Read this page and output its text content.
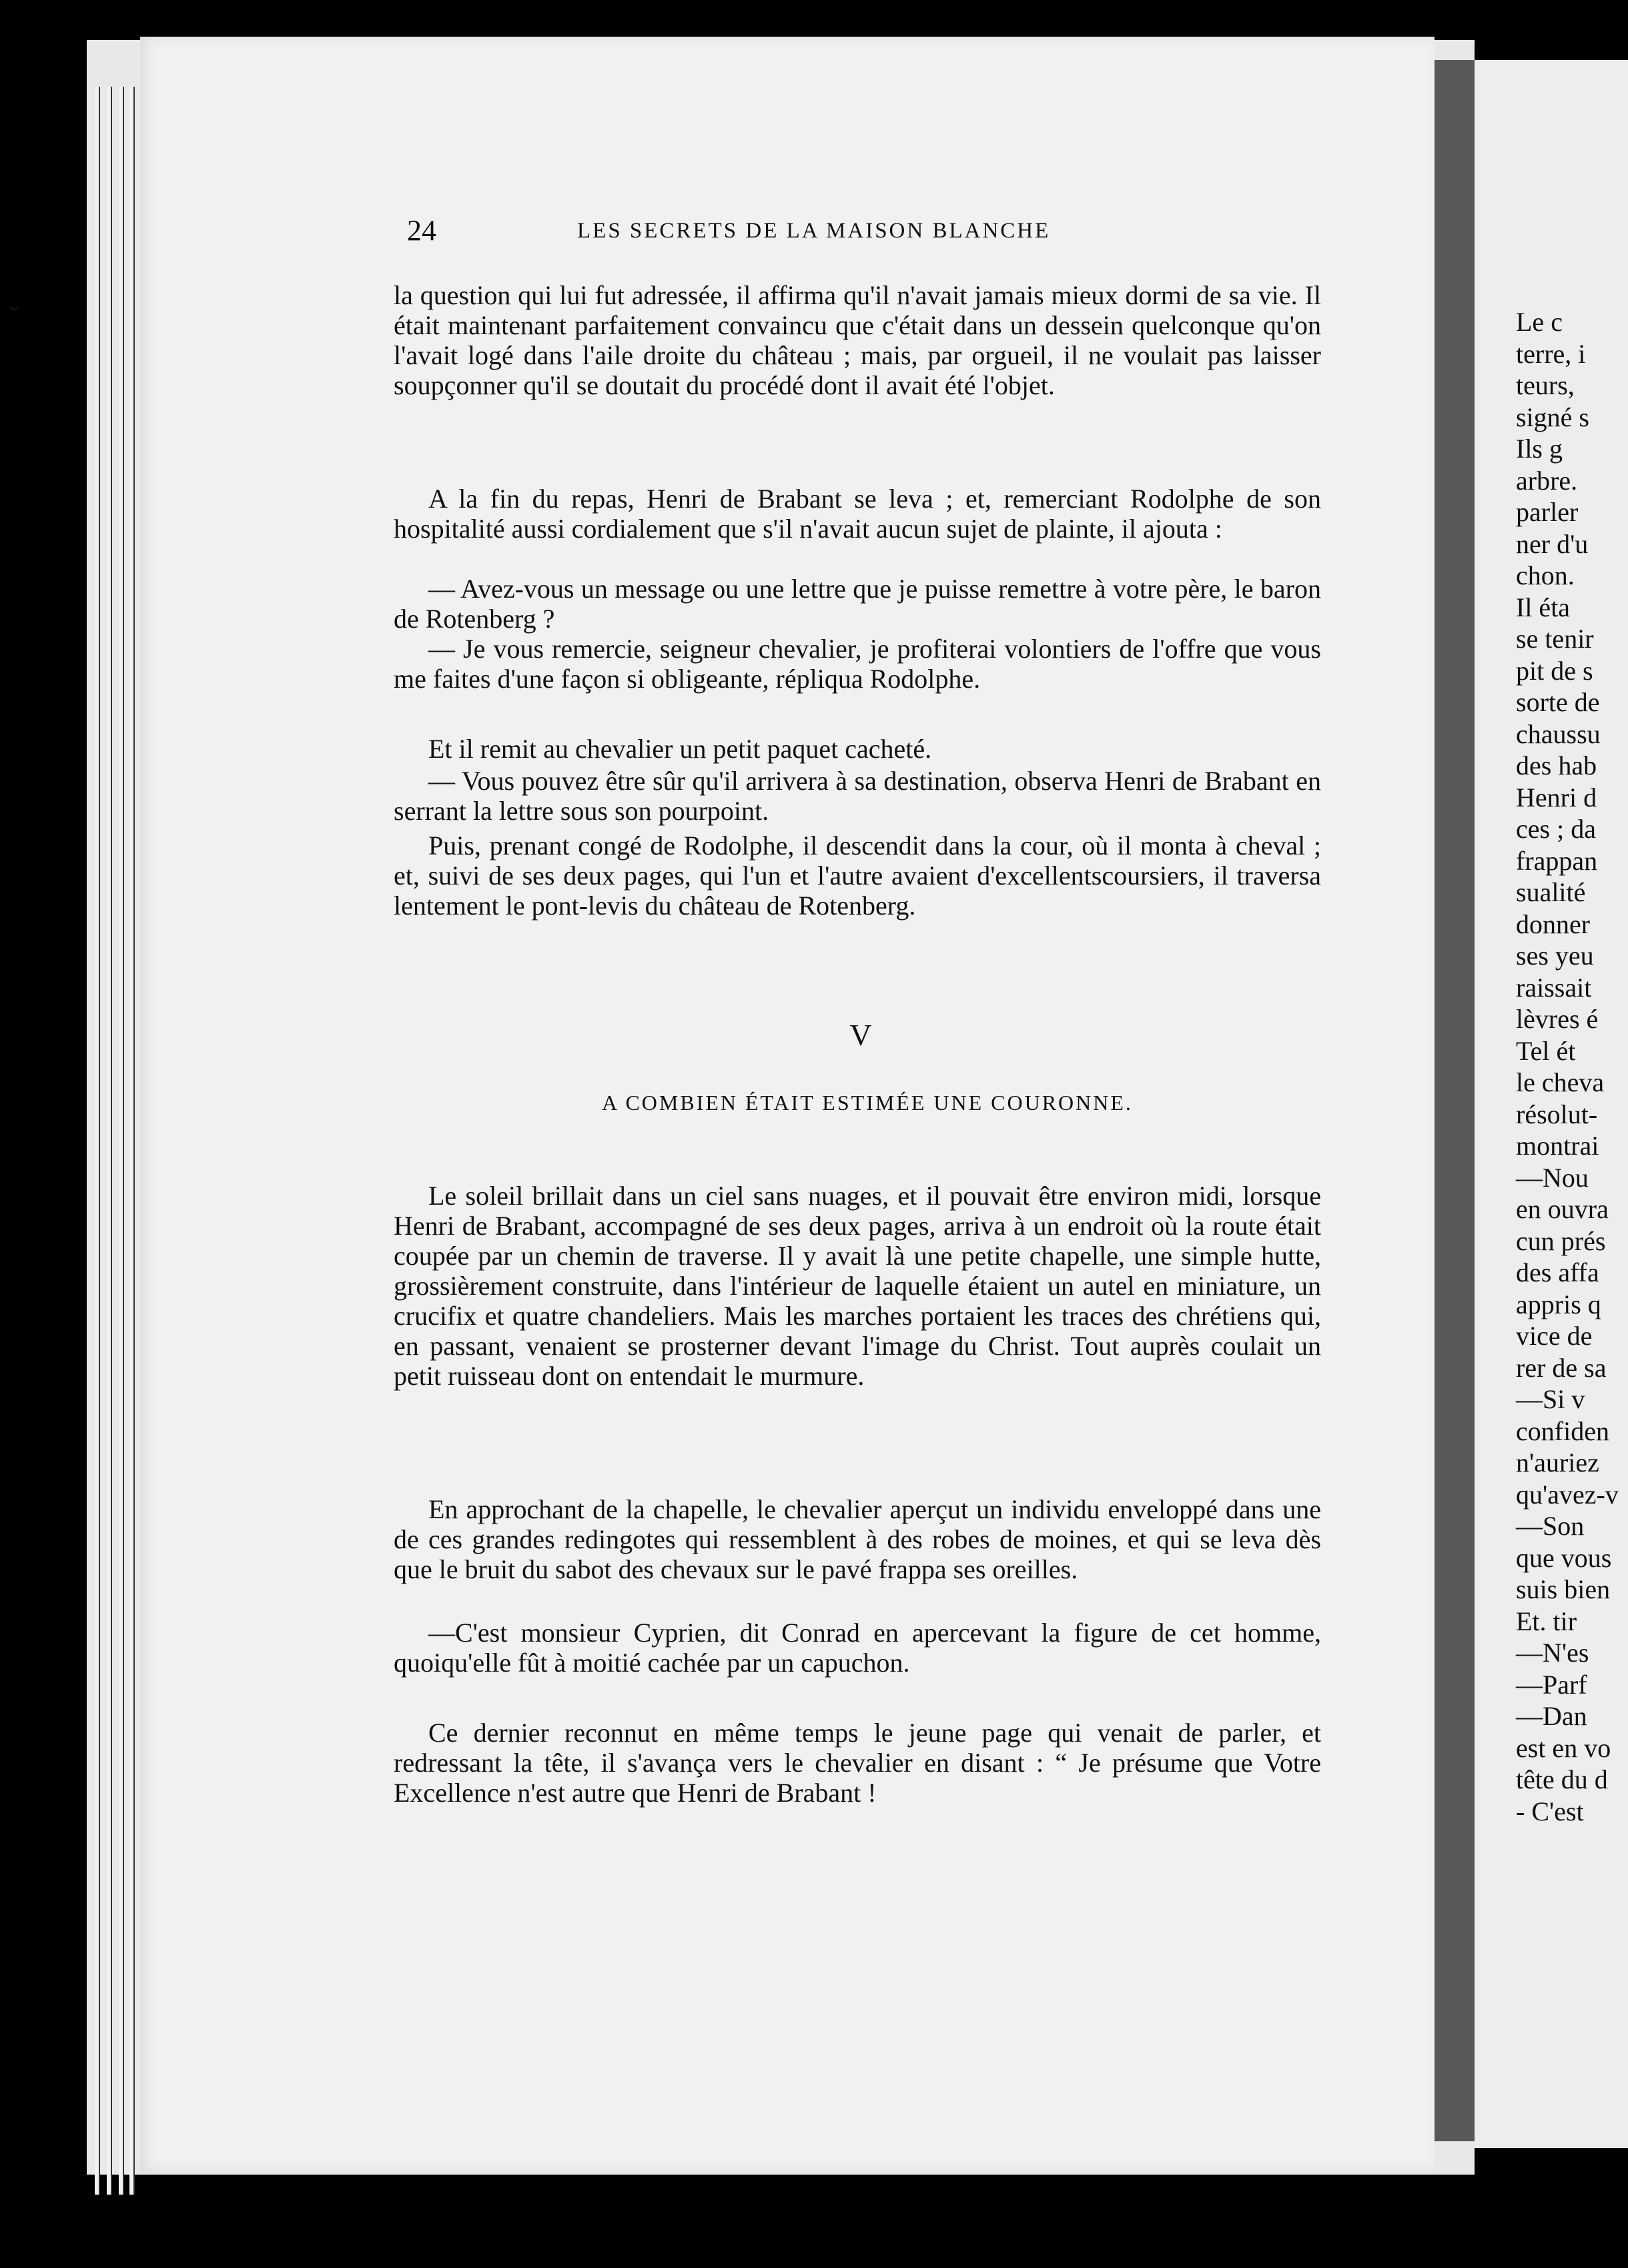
ˇ	Le c
terre, i
teurs,
signé s
Ils g
arbre.
parler
ner d'u
chon.
Il éta
se tenir
pit de s
sorte de
chaussu
des hab
Henri d
ces ; da
frappan
sualité
donner
ses yeu
raissait
lèvres é
Tel ét
le cheva
résolut-
montrai
—Nou
en ouvra
cun prés
des affa
appris q
vice de
rer de sa
—Si v
confiden
n'auriez
qu'avez-v
—Son
que vous
suis bien
Et. tir
—N'es
—Parf
—Dan
est en vo
tête du d
- C'est
24	LES SECRETS DE LA MAISON BLANCHE

la question qui lui fut adressée, il affirma qu'il n'avait jamais mieux dormi de sa vie. Il était maintenant parfaitement convaincu que c'était dans un dessein quelconque qu'on l'avait logé dans l'aile droite du château ; mais, par orgueil, il ne voulait pas laisser soupçonner qu'il se doutait du procédé dont il avait été l'objet.

A la fin du repas, Henri de Brabant se leva ; et, remerciant Rodolphe de son hospitalité aussi cordialement que s'il n'avait aucun sujet de plainte, il ajouta :

— Avez-vous un message ou une lettre que je puisse remettre à votre père, le baron de Rotenberg ?

— Je vous remercie, seigneur chevalier, je profiterai volontiers de l'offre que vous me faites d'une façon si obligeante, répliqua Rodolphe.

Et il remit au chevalier un petit paquet cacheté.

— Vous pouvez être sûr qu'il arrivera à sa destination, observa Henri de Brabant en serrant la lettre sous son pourpoint.

Puis, prenant congé de Rodolphe, il descendit dans la cour, où il monta à cheval ; et, suivi de ses deux pages, qui l'un et l'autre avaient d'excellentscoursiers, il traversa lentement le pont-levis du château de Rotenberg.

V
A COMBIEN ÉTAIT ESTIMÉE UNE COURONNE.

Le soleil brillait dans un ciel sans nuages, et il pouvait être environ midi, lorsque Henri de Brabant, accompagné de ses deux pages, arriva à un endroit où la route était coupée par un chemin de traverse. Il y avait là une petite chapelle, une simple hutte, grossièrement construite, dans l'intérieur de laquelle étaient un autel en miniature, un crucifix et quatre chandeliers. Mais les marches portaient les traces des chrétiens qui, en passant, venaient se prosterner devant l'image du Christ. Tout auprès coulait un petit ruisseau dont on entendait le murmure.

En approchant de la chapelle, le chevalier aperçut un individu enveloppé dans une de ces grandes redingotes qui ressemblent à des robes de moines, et qui se leva dès que le bruit du sabot des chevaux sur le pavé frappa ses oreilles.

—C'est monsieur Cyprien, dit Conrad en apercevant la figure de cet homme, quoiqu'elle fût à moitié cachée par un capuchon.

Ce dernier reconnut en même temps le jeune page qui venait de parler, et redressant la tête, il s'avança vers le chevalier en disant : “ Je présume que Votre Excellence n'est autre que Henri de Brabant !
